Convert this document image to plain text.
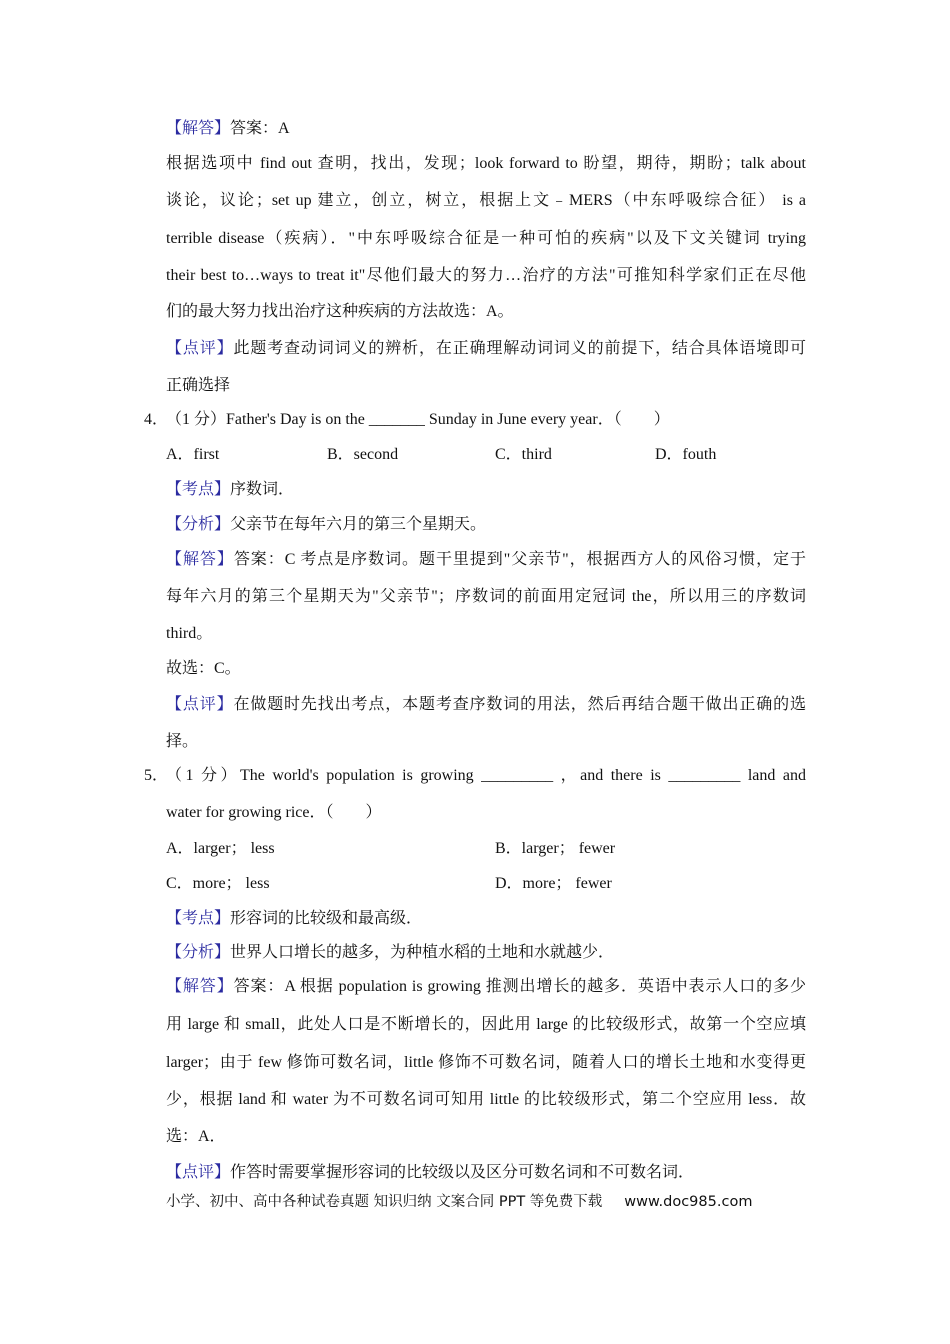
【解答】答案：A
根据选项中 find out 查明，找出，发现；look forward to 盼望，期待，期盼；talk about
谈论，议论；set up 建立，创立，树立，根据上文﹣MERS（中东呼吸综合征） is a
terrible disease（疾病）．"中东呼吸综合征是一种可怕的疾病"以及下文关键词 trying
their best to…ways to treat it"尽他们最大的努力…治疗的方法"可推知科学家们正在尽他
们的最大努力找出治疗这种疾病的方法故选：A。
【点评】此题考查动词词义的辨析，在正确理解动词词义的前提下，结合具体语境即可
正确选择
4．
（1 分）Father's Day is on the _______ Sunday in June every year．（　　）
A．first	B．second	C．third	D．fouth
【考点】序数词．
【分析】父亲节在每年六月的第三个星期天。
【解答】答案：C 考点是序数词。题干里提到"父亲节"，根据西方人的风俗习惯，定于
每年六月的第三个星期天为"父亲节"；序数词的前面用定冠词 the，所以用三的序数词
third。
故选：C。
【点评】在做题时先找出考点，本题考查序数词的用法，然后再结合题干做出正确的选
择。
5．
（1 分）The world's population is growing _________ ，and there is _________ land and
water for growing rice．（　　）
A．larger； less	B．larger； fewer
C．more； less	D．more； fewer
【考点】形容词的比较级和最高级．
【分析】世界人口增长的越多，为种植水稻的土地和水就越少．
【解答】答案：A 根据 population is growing 推测出增长的越多．英语中表示人口的多少
用 large 和 small，此处人口是不断增长的，因此用 large 的比较级形式，故第一个空应填
larger；由于 few 修饰可数名词，little 修饰不可数名词，随着人口的增长土地和水变得更
少，根据 land 和 water 为不可数名词可知用 little 的比较级形式，第二个空应用 less．故
选：A．
【点评】作答时需要掌握形容词的比较级以及区分可数名词和不可数名词．
小学、初中、高中各种试卷真题 知识归纳 文案合同 PPT 等免费下载 www.doc985.com
